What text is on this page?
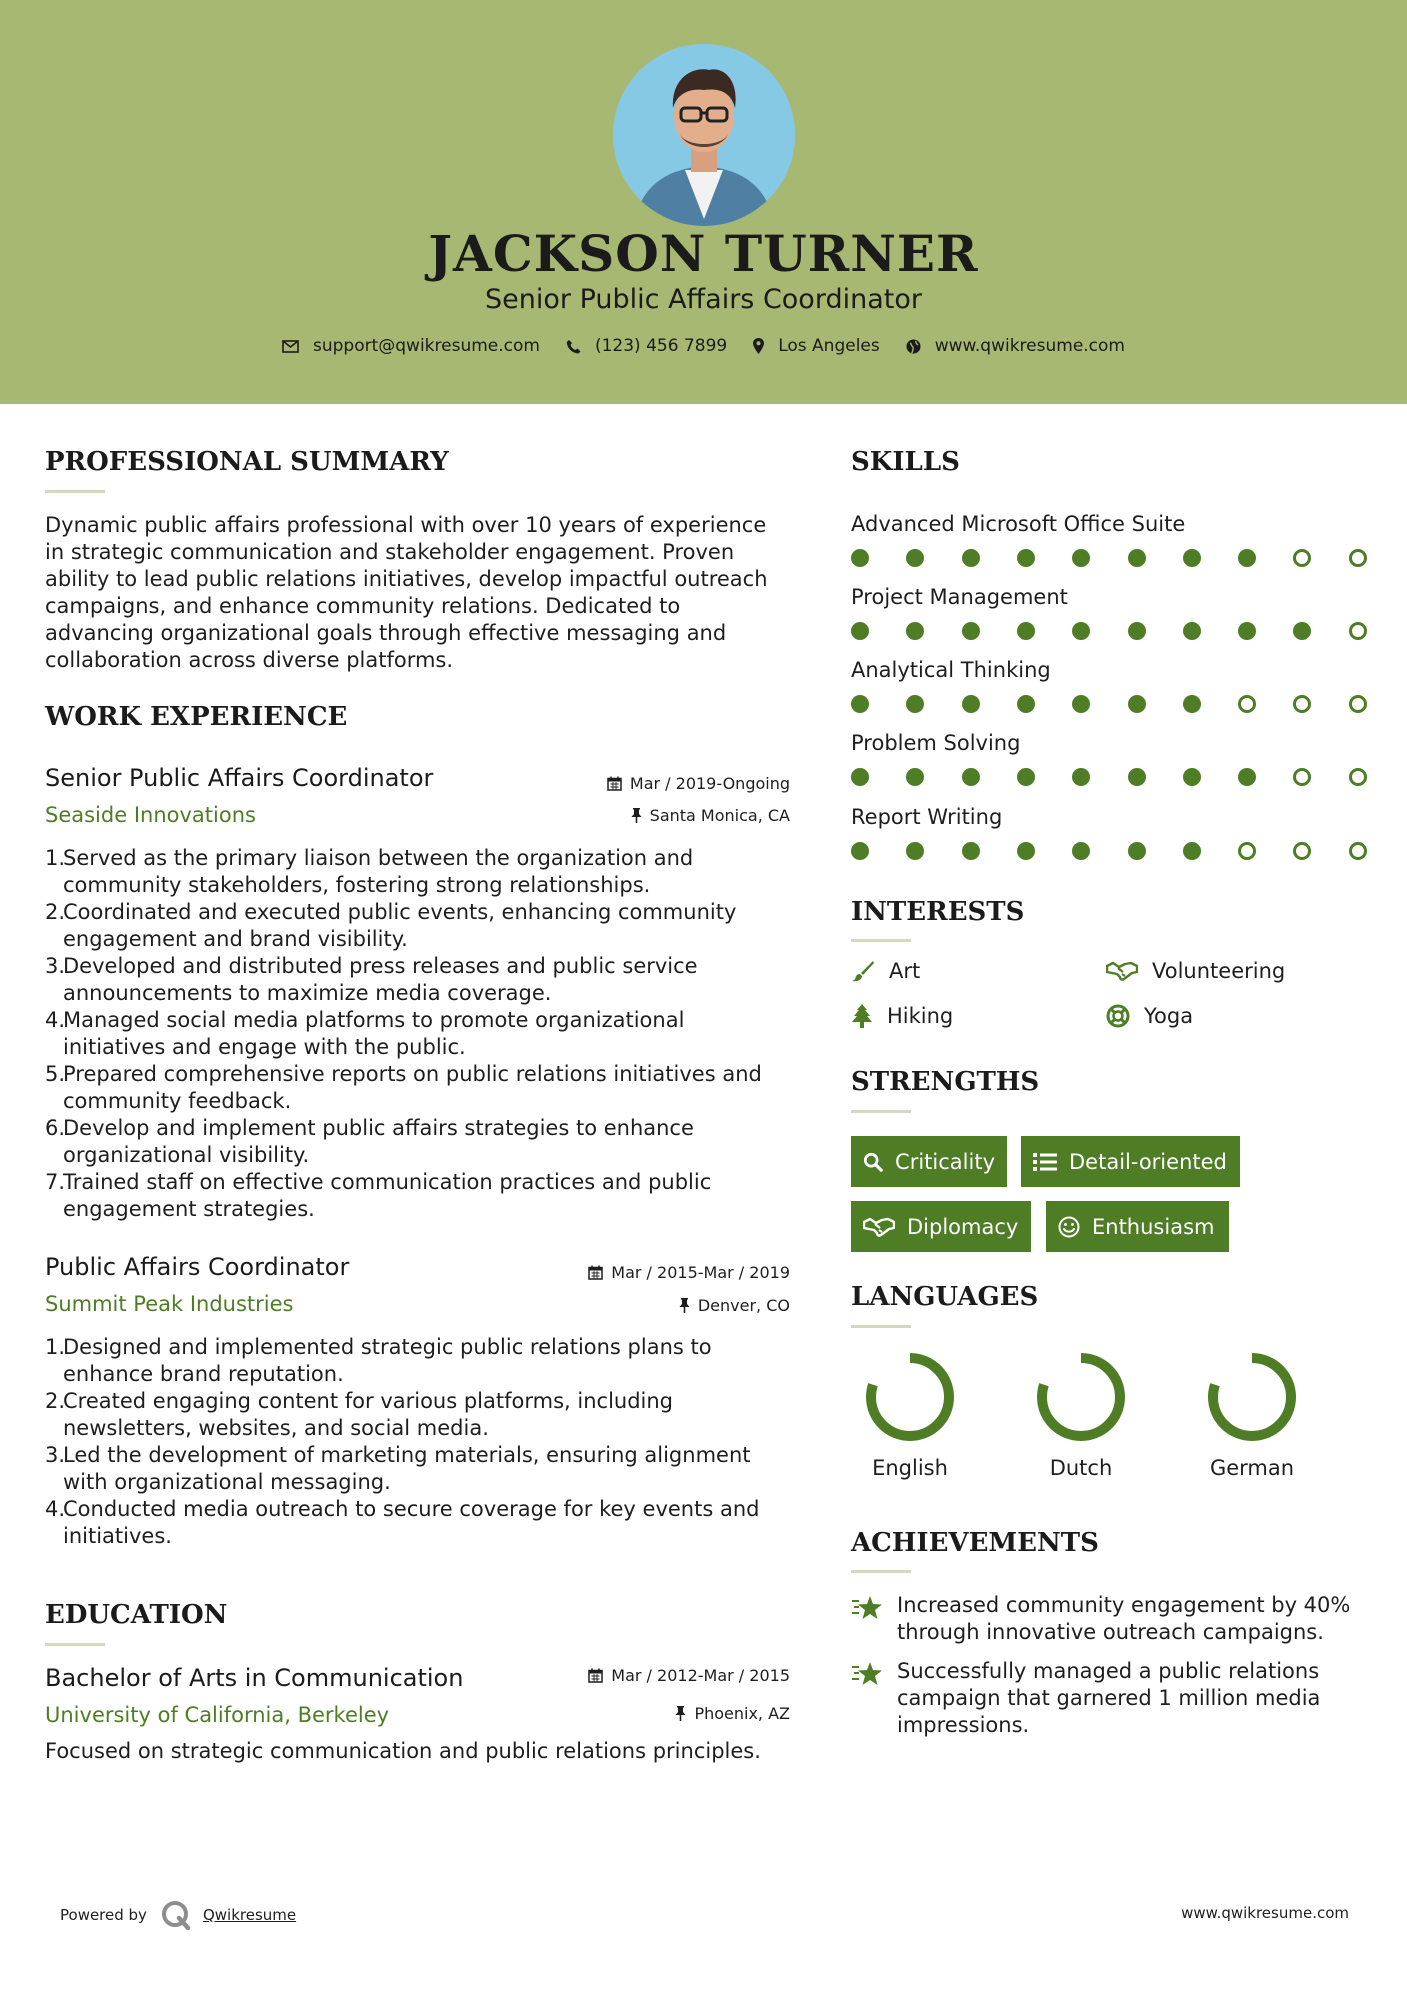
JACKSON TURNER
Senior Public Affairs Coordinator
support@qwikresume.com	(123) 456 7899	Los Angeles	www.qwikresume.com
PROFESSIONAL SUMMARY
Dynamic public affairs professional with over 10 years of experience in strategic communication and stakeholder engagement. Proven ability to lead public relations initiatives, develop impactful outreach campaigns, and enhance community relations. Dedicated to advancing organizational goals through effective messaging and collaboration across diverse platforms.
WORK EXPERIENCE
Senior Public Affairs Coordinator
Seaside Innovations
Mar / 2019-Ongoing
Santa Monica, CA
1.
Served as the primary liaison between the organization and community stakeholders, fostering strong relationships.
2.
Coordinated and executed public events, enhancing community engagement and brand visibility.
3.
Developed and distributed press releases and public service announcements to maximize media coverage.
4.
Managed social media platforms to promote organizational initiatives and engage with the public.
5.
Prepared comprehensive reports on public relations initiatives and community feedback.
6.
Develop and implement public affairs strategies to enhance organizational visibility.
7.
Trained staff on effective communication practices and public engagement strategies.
Public Affairs Coordinator
Summit Peak Industries
Mar / 2015-Mar / 2019
Denver, CO
1.
Designed and implemented strategic public relations plans to enhance brand reputation.
2.
Created engaging content for various platforms, including newsletters, websites, and social media.
3.
Led the development of marketing materials, ensuring alignment with organizational messaging.
4.
Conducted media outreach to secure coverage for key events and initiatives.
EDUCATION
Bachelor of Arts in Communication
University of California, Berkeley
Mar / 2012-Mar / 2015
Phoenix, AZ
Focused on strategic communication and public relations principles.
SKILLS
Advanced Microsoft Office Suite
Project Management
Analytical Thinking
Problem Solving
Report Writing
INTERESTS
Art	Volunteering
Hiking	Yoga
STRENGTHS
Criticality	Detail-oriented
Diplomacy	Enthusiasm
LANGUAGES
English	Dutch	German
ACHIEVEMENTS
Increased community engagement by 40% through innovative outreach campaigns.
Successfully managed a public relations campaign that garnered 1 million media impressions.
Powered by	Qwikresume	www.qwikresume.com
